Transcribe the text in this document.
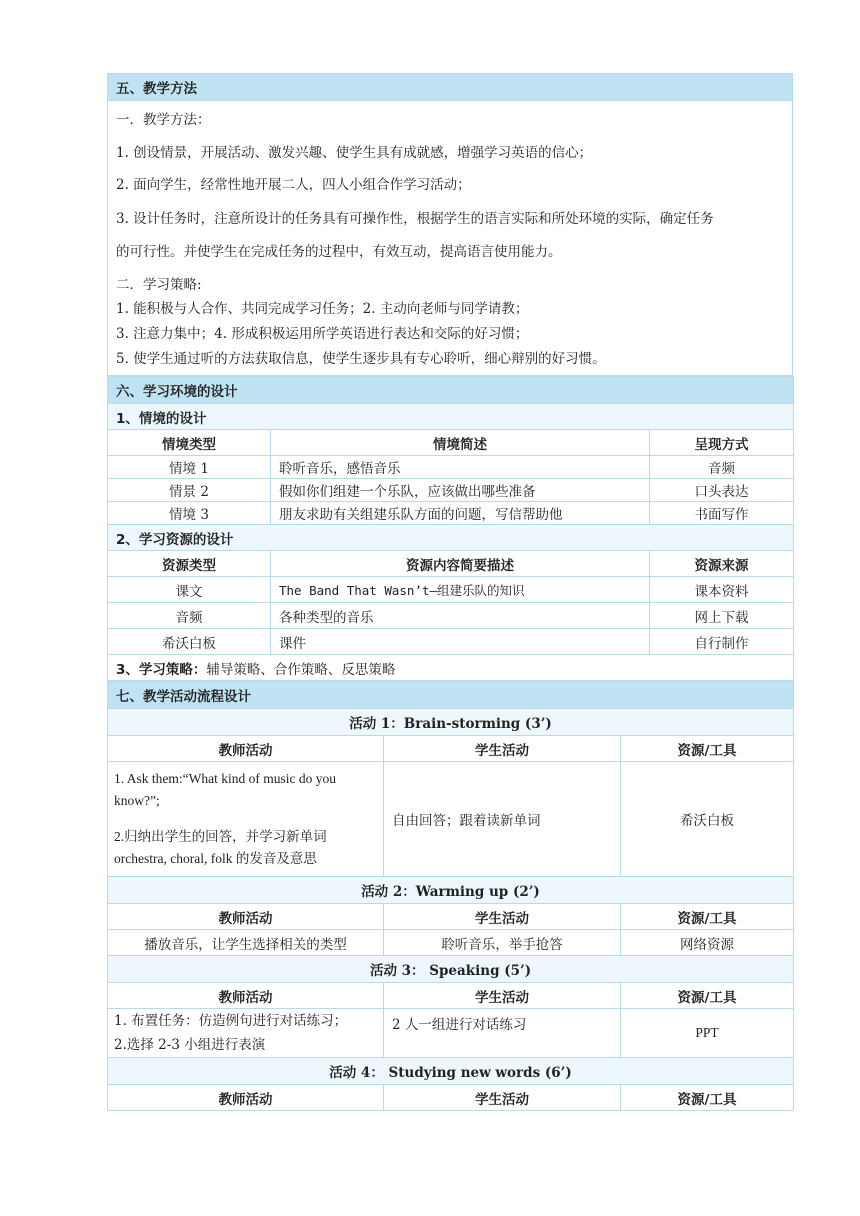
五、教学方法

一．教学方法：

1. 创设情景，开展活动、激发兴趣、使学生具有成就感，增强学习英语的信心；

2. 面向学生，经常性地开展二人，四人小组合作学习活动；

3. 设计任务时，注意所设计的任务具有可操作性，根据学生的语言实际和所处环境的实际，确定任务

的可行性。并使学生在完成任务的过程中，有效互动，提高语言使用能力。

二．学习策略:

1. 能积极与人合作、共同完成学习任务；2. 主动向老师与同学请教；

3. 注意力集中；4. 形成积极运用所学英语进行表达和交际的好习惯；

5. 使学生通过听的方法获取信息，使学生逐步具有专心聆听，细心辩别的好习惯。

六、学习环境的设计		
1、情境的设计		
情境类型	情境简述	呈现方式
情境 1	聆听音乐，感悟音乐	音频
情景 2	假如你们组建一个乐队，应该做出哪些准备	口头表达
情境 3	朋友求助有关组建乐队方面的问题，写信帮助他	书面写作
2、学习资源的设计		
资源类型	资源内容简要描述	资源来源
课文	The Band That Wasn’t—组建乐队的知识	课本资料
音频	各种类型的音乐	网上下载
希沃白板	课件	自行制作
3、学习策略：辅导策略、合作策略、反思策略		
七、教学活动流程设计		
活动 1：Brain-storming (3’)		
教师活动	学生活动	资源/工具

1. Ask them:“What kind of music do you know?”;
2.归纳出学生的回答，并学习新单词 orchestra, choral, folk 的发音及意思	自由回答；跟着读新单词	希沃白板
活动 2：Warming up (2’)		
教师活动	学生活动	资源/工具
播放音乐，让学生选择相关的类型	聆听音乐，举手抢答	网络资源
活动 3： Speaking (5’)		
教师活动	学生活动	资源/工具

1. 布置任务：仿造例句进行对话练习；
2.选择 2-3 小组进行表演	2 人一组进行对话练习	PPT
活动 4： Studying new words (6’)		
教师活动	学生活动	资源/工具
